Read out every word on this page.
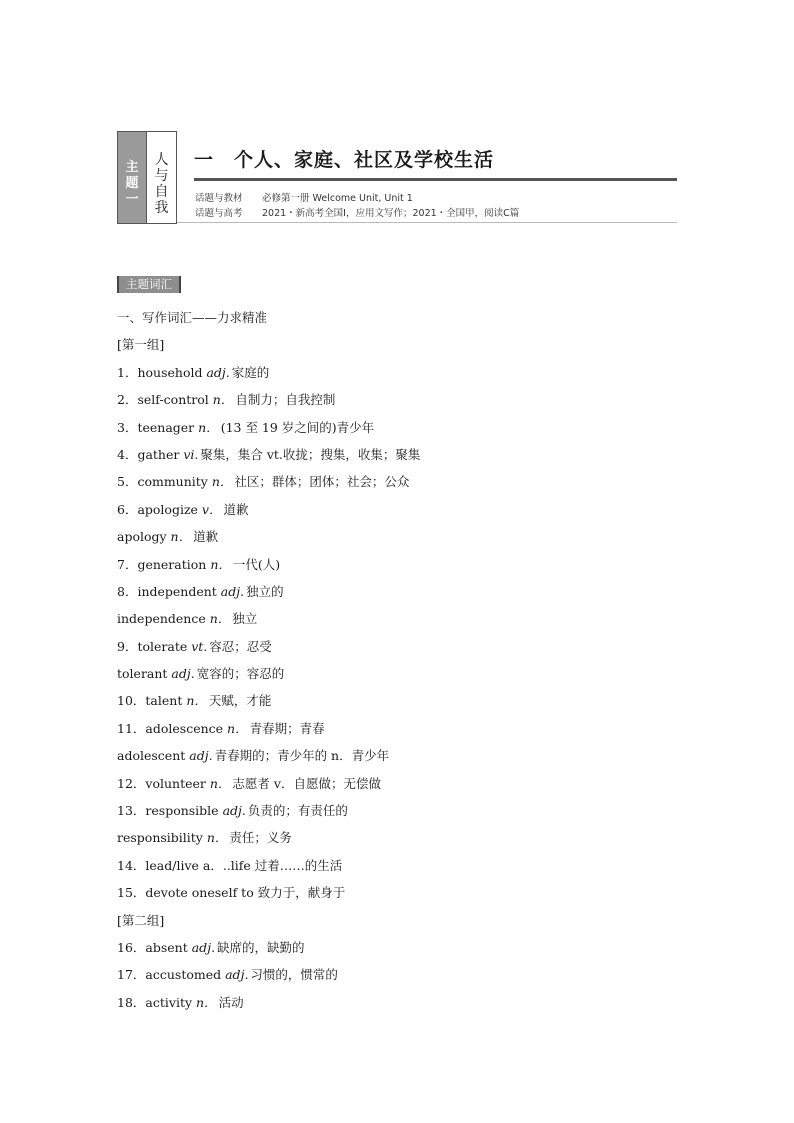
主
题
一
人
与
自
我
一　个人、家庭、社区及学校生活
话题与教材 必修第一册 Welcome Unit, Unit 1
话题与高考 2021・新高考全国Ⅰ，应用文写作；2021・全国甲，阅读C篇
主题词汇
一、写作词汇——力求精准
[第一组]
1．household adj. 家庭的
2．self-control n． 自制力；自我控制
3．teenager n． (13 至 19 岁之间的)青少年
4．gather vi. 聚集，集合 vt.收拢；搜集，收集；聚集
5．community n． 社区；群体；团体；社会；公众
6．apologize v． 道歉
apology n． 道歉
7．generation n． 一代(人)
8．independent adj. 独立的
independence n． 独立
9．tolerate vt. 容忍；忍受
tolerant adj. 宽容的；容忍的
10．talent n． 天赋，才能
11．adolescence n． 青春期；青春
adolescent adj. 青春期的；青少年的 n．青少年
12．volunteer n． 志愿者 v．自愿做；无偿做
13．responsible adj. 负责的；有责任的
responsibility n． 责任；义务
14．lead/live a．..life 过着……的生活
15．devote oneself to 致力于，献身于
[第二组]
16．absent adj. 缺席的，缺勤的
17．accustomed adj. 习惯的，惯常的
18．activity n． 活动
